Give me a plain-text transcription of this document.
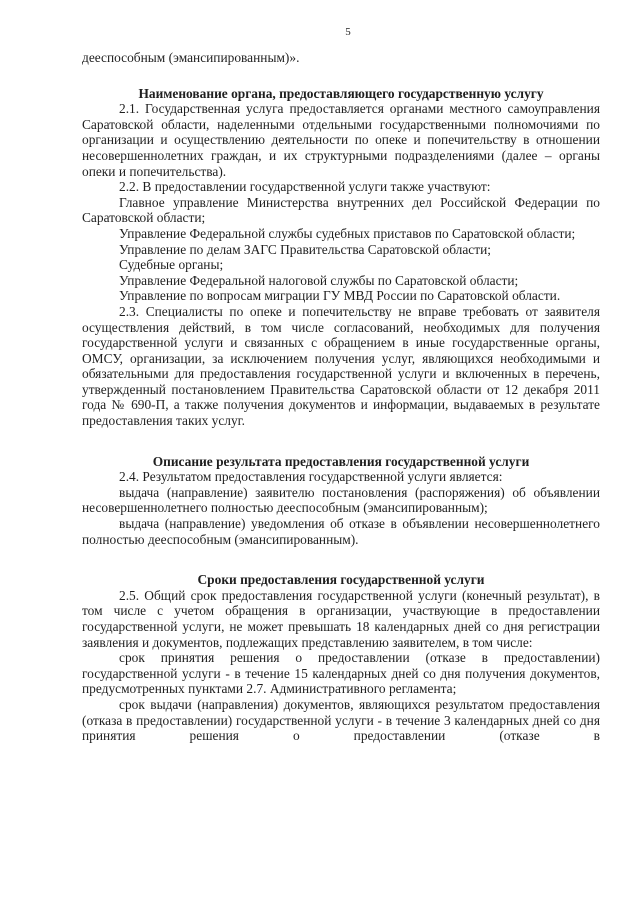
5

дееспособным (эмансипированным)».

Наименование органа, предоставляющего государственную услугу

2.1. Государственная услуга предоставляется органами местного самоуправления Саратовской области, наделенными отдельными государственными полномочиями по организации и осуществлению деятельности по опеке и попечительству в отношении несовершеннолетних граждан, и их структурными подразделениями (далее – органы опеки и попечительства).

2.2. В предоставлении государственной услуги также участвуют:

Главное управление Министерства внутренних дел Российской Федерации по Саратовской области;

Управление Федеральной службы судебных приставов по Саратовской области;

Управление по делам ЗАГС Правительства Саратовской области;

Судебные органы;

Управление Федеральной налоговой службы по Саратовской области;

Управление по вопросам миграции ГУ МВД России по Саратовской области.

2.3. Специалисты по опеке и попечительству не вправе требовать от заявителя осуществления действий, в том числе согласований, необходимых для получения государственной услуги и связанных с обращением в иные государственные органы, ОМСУ, организации, за исключением получения услуг, являющихся необходимыми и обязательными для предоставления государственной услуги и включенных в перечень, утвержденный постановлением Правительства Саратовской области от 12 декабря 2011 года № 690-П, а также получения документов и информации, выдаваемых в результате предоставления таких услуг.

Описание результата предоставления государственной услуги

2.4. Результатом предоставления государственной услуги является:

выдача (направление) заявителю постановления (распоряжения) об объявлении несовершеннолетнего полностью дееспособным (эмансипированным);

выдача (направление) уведомления об отказе в объявлении несовершеннолетнего полностью дееспособным (эмансипированным).

Сроки предоставления государственной услуги

2.5. Общий срок предоставления государственной услуги (конечный результат), в том числе с учетом обращения в организации, участвующие в предоставлении государственной услуги, не может превышать 18 календарных дней со дня регистрации заявления и документов, подлежащих представлению заявителем, в том числе:

срок принятия решения о предоставлении (отказе в предоставлении) государственной услуги - в течение 15 календарных дней со дня получения документов, предусмотренных пунктами 2.7. Административного регламента;

срок выдачи (направления) документов, являющихся результатом предоставления (отказа в предоставлении) государственной услуги - в течение 3 календарных дней со дня принятия решения о предоставлении (отказе в
